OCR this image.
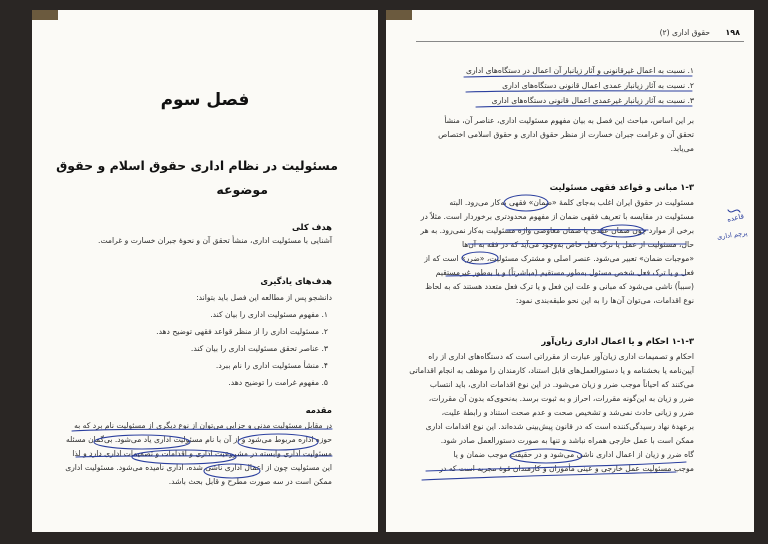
فصل سوم
مسئولیت در نظام اداری حقوق اسلام و حقوق
موضوعه
هدف کلی
آشنایی با مسئولیت اداری، منشأ تحقق آن و نحوۀ جبران خسارت و غرامت.
هدف‌های یادگیری
دانشجو پس از مطالعه این فصل باید بتواند:
۱. مفهوم مسئولیت اداری را بیان کند.
۲. مسئولیت اداری را از منظر قواعد فقهی توضیح دهد.
۳. عناصر تحقق مسئولیت اداری را بیان کند.
۴. منشأ مسئولیت اداری را نام ببرد.
۵. مفهوم غرامت را توضیح دهد.
مقدمه
در مقابل مسئولیت مدنی و جزایی می‌توان از نوع دیگری از مسئولیت نام برد که به
حوزه اداره مربوط می‌شود و از آن با نام مسئولیت اداری یاد می‌شود. بی‌گمان مسئله
مسئولیت اداری وابسته در مشروعیت اداری و اقدامات و تصمیمات اداری دارد و لذا
این مسئولیت چون از اعمال اداری ناشی شده، اداری نامیده می‌شود. مسئولیت اداری
ممکن است در سه صورت مطرح و قابل بحث باشد.
۱۹۸
حقوق اداری (۲)
۱. نسبت به اعمال غیرقانونی و آثار زیانبار آن اعمال در دستگاه‌های اداری
۲. نسبت به آثار زیانبار عمدی اعمال قانونی دستگاه‌های اداری
۳. نسبت به آثار زیانبار غیرعمدی اعمال قانونی دستگاه‌های اداری
بر این اساس، مباحث این فصل به بیان مفهوم مسئولیت اداری، عناصر آن، منشأ
تحقق آن و غرامت جبران خسارت از منظر حقوق اداری و حقوق اسلامی اختصاص
می‌یابد.
۱-۳ مبانی و قواعد فقهی مسئولیت
مسئولیت در حقوق ایران اغلب به‌جای کلمۀ «ضمان» فقهی به‌کار می‌رود. البته
مسئولیت در مقایسه با تعریف فقهی ضمان از مفهوم محدودتری برخوردار است. مثلاً در
برخی از موارد چون ضمان عقدی یا ضمان معاوضی واژه مسئولیت به‌کار نمی‌رود. به هر
حال، مسئولیت از عمل یا ترک فعل خاص به‌وجود می‌آید که در فقه به آن‌ها
«موجبات ضمان» تعبیر می‌شود. عنصر اصلی و مشترک مسئولیت، «ضرر» است که از
فعل و یا ترک فعل شخص مسئول به‌طور مستقیم (مباشرتاً) و یا به‌طور غیرمستقیم
(سبباً) ناشی می‌شود که مبانی و علت این فعل و یا ترک فعل متعدد هستند که به لحاظ
نوع اقدامات، می‌توان آن‌ها را به این نحو طبقه‌بندی نمود:
۱-۱-۳ احکام و یا اعمال اداری زیان‌آور
احکام و تصمیمات اداری زیان‌آور عبارت از مقرراتی است که دستگاه‌های اداری از راه
آیین‌نامه یا بخشنامه و یا دستورالعمل‌های قابل استناد، کارمندان را موظف به انجام اقداماتی
می‌کنند که احیاناً موجب ضرر و زیان می‌شود. در این نوع اقدامات اداری، باید انتساب
ضرر و زیان به این‌گونه مقررات، احراز و به ثبوت برسد. به‌نحوی‌که بدون آن مقررات،
ضرر و زیانی حادث نمی‌شد و تشخیص صحت و عدم صحت استناد و رابطۀ علیت،
برعهدۀ نهاد رسیدگی‌کننده است که در قانون پیش‌بینی شده‌اند. این نوع اقدامات اداری
ممکن است با عمل خارجی همراه نباشد و تنها به صورت دستورالعمل صادر شود.
گاه ضرر و زیان از اعمال اداری ناشی می‌شود و در حقیقت موجب ضمان و یا
موجب مسئولیت عمل خارجی و عینی مأموران و کارمندان قوۀ مجریه است که در
قاعده
پرچم اداری
